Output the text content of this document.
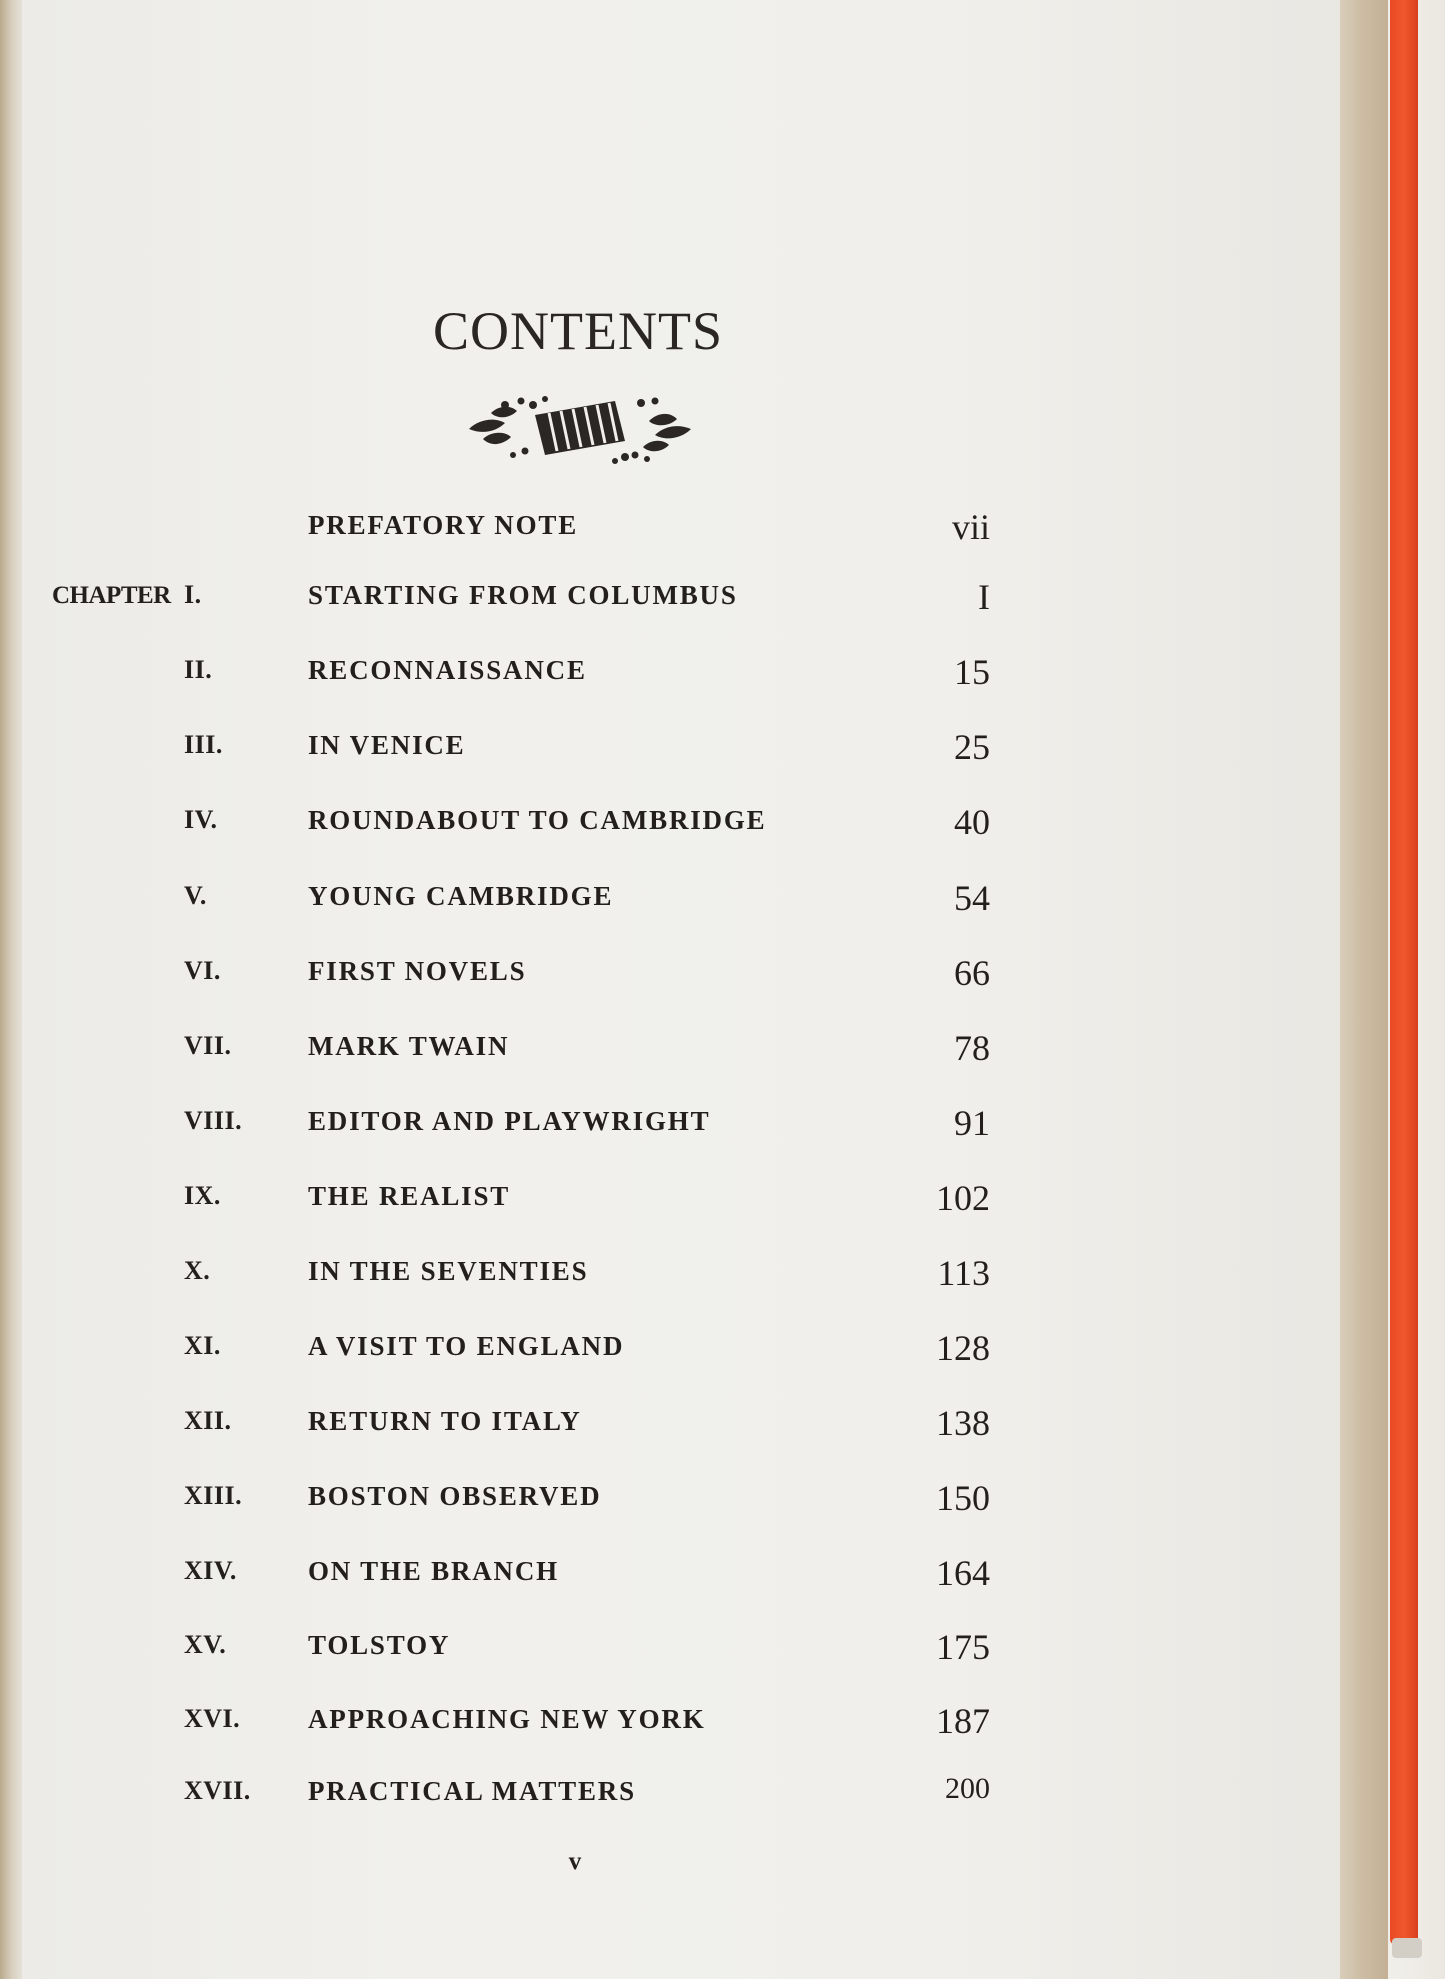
CONTENTS
PREFATORY NOTE	vii
CHAPTER I.	STARTING FROM COLUMBUS	I
II.	RECONNAISSANCE	15
III.	IN VENICE	25
IV.	ROUNDABOUT TO CAMBRIDGE	40
V.	YOUNG CAMBRIDGE	54
VI.	FIRST NOVELS	66
VII.	MARK TWAIN	78
VIII. EDITOR AND PLAYWRIGHT	91
IX.	THE REALIST	102
X.	IN THE SEVENTIES	113
XI.	A VISIT TO ENGLAND	128
XII.	RETURN TO ITALY	138
XIII. BOSTON OBSERVED	150
XIV.	ON THE BRANCH	164
XV.	TOLSTOY	175
XVI.	APPROACHING NEW YORK	187
XVII. PRACTICAL MATTERS	200
v
